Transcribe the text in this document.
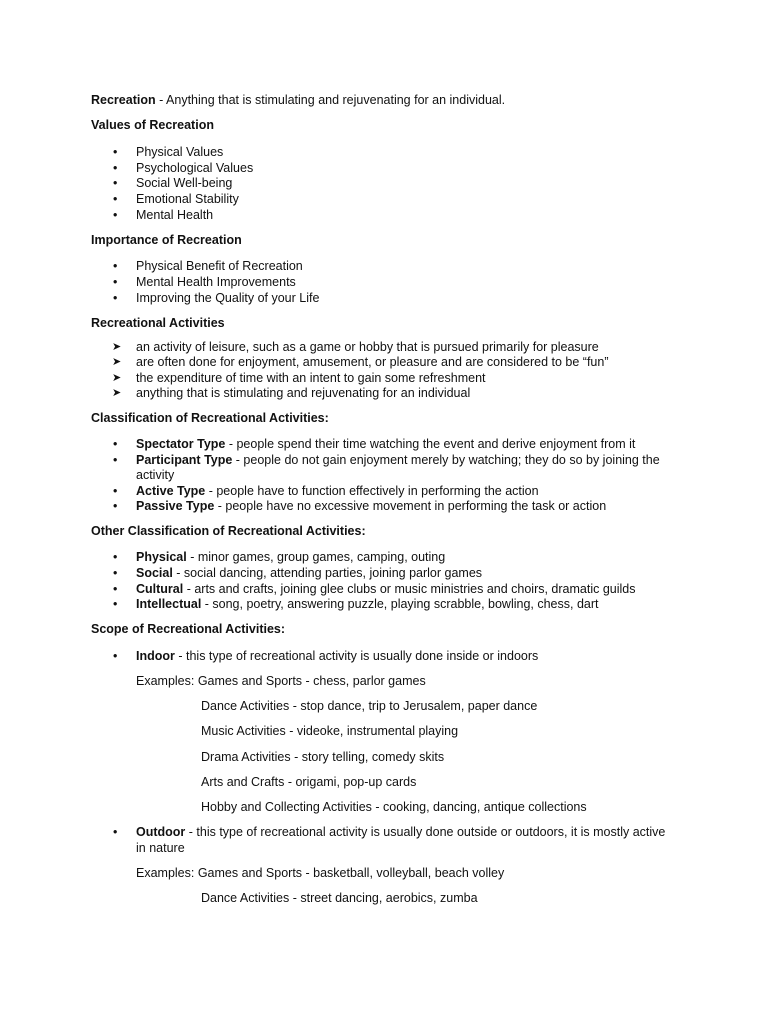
Recreation - Anything that is stimulating and rejuvenating for an individual.
Values of Recreation
• Physical Values
• Psychological Values
• Social Well-being
• Emotional Stability
• Mental Health
Importance of Recreation
• Physical Benefit of Recreation
• Mental Health Improvements
• Improving the Quality of your Life
Recreational Activities
➤ an activity of leisure, such as a game or hobby that is pursued primarily for pleasure
➤ are often done for enjoyment, amusement, or pleasure and are considered to be “fun”
➤ the expenditure of time with an intent to gain some refreshment
➤ anything that is stimulating and rejuvenating for an individual
Classification of Recreational Activities:
• Spectator Type - people spend their time watching the event and derive enjoyment from it
• Participant Type - people do not gain enjoyment merely by watching; they do so by joining the
activity
• Active Type - people have to function effectively in performing the action
• Passive Type - people have no excessive movement in performing the task or action
Other Classification of Recreational Activities:
• Physical - minor games, group games, camping, outing
• Social - social dancing, attending parties, joining parlor games
• Cultural - arts and crafts, joining glee clubs or music ministries and choirs, dramatic guilds
• Intellectual - song, poetry, answering puzzle, playing scrabble, bowling, chess, dart
Scope of Recreational Activities:
• Indoor - this type of recreational activity is usually done inside or indoors
Examples: Games and Sports - chess, parlor games
Dance Activities - stop dance, trip to Jerusalem, paper dance
Music Activities - videoke, instrumental playing
Drama Activities - story telling, comedy skits
Arts and Crafts - origami, pop-up cards
Hobby and Collecting Activities - cooking, dancing, antique collections
• Outdoor - this type of recreational activity is usually done outside or outdoors, it is mostly active
in nature
Examples: Games and Sports - basketball, volleyball, beach volley
Dance Activities - street dancing, aerobics, zumba
